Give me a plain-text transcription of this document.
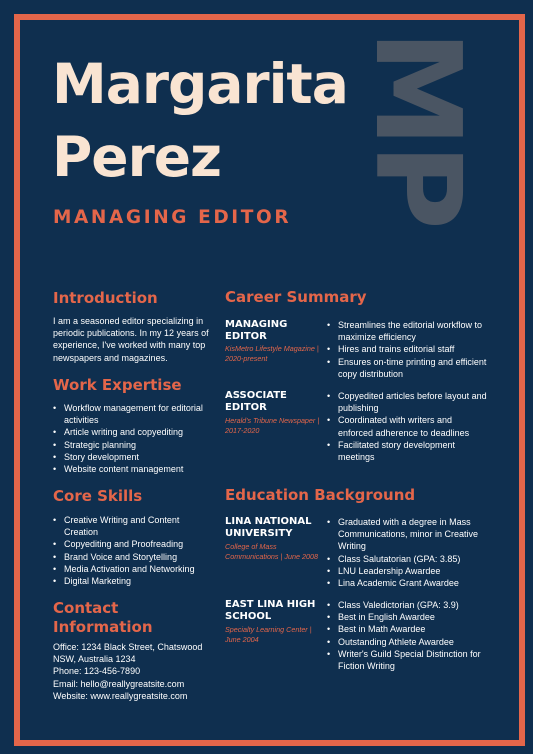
MP
Margarita
Perez
MANAGING EDITOR
Introduction
I am a seasoned editor specializing in periodic publications. In my 12 years of experience, I've worked with many top newspapers and magazines.
Work Expertise
• Workflow management for editorial activities
• Article writing and copyediting
• Strategic planning
• Story development
• Website content management
Core Skills
• Creative Writing and Content Creation
• Copyediting and Proofreading
• Brand Voice and Storytelling
• Media Activation and Networking
• Digital Marketing
Contact Information

Office: 1234 Black Street, Chatswood NSW, Australia 1234

Phone: 123-456-7890

Email: hello@reallygreatsite.com

Website: www.reallygreatsite.com

Career Summary
MANAGING EDITOR
KisMetro Lifestyle Magazine | 2020-present
• Streamlines the editorial workflow to maximize efficiency
• Hires and trains editorial staff
• Ensures on-time printing and efficient copy distribution
ASSOCIATE EDITOR
Herald's Tribune Newspaper | 2017-2020
• Copyedited articles before layout and publishing
• Coordinated with writers and enforced adherence to deadlines
• Facilitated story development meetings
Education Background
LINA NATIONAL UNIVERSITY
College of Mass Communications | June 2008
• Graduated with a degree in Mass Communications, minor in Creative Writing
• Class Salutatorian (GPA: 3.85)
• LNU Leadership Awardee
• Lina Academic Grant Awardee
EAST LINA HIGH SCHOOL
Specialty Learning Center | June 2004
• Class Valedictorian (GPA: 3.9)
• Best in English Awardee
• Best in Math Awardee
• Outstanding Athlete Awardee
• Writer's Guild Special Distinction for Fiction Writing
